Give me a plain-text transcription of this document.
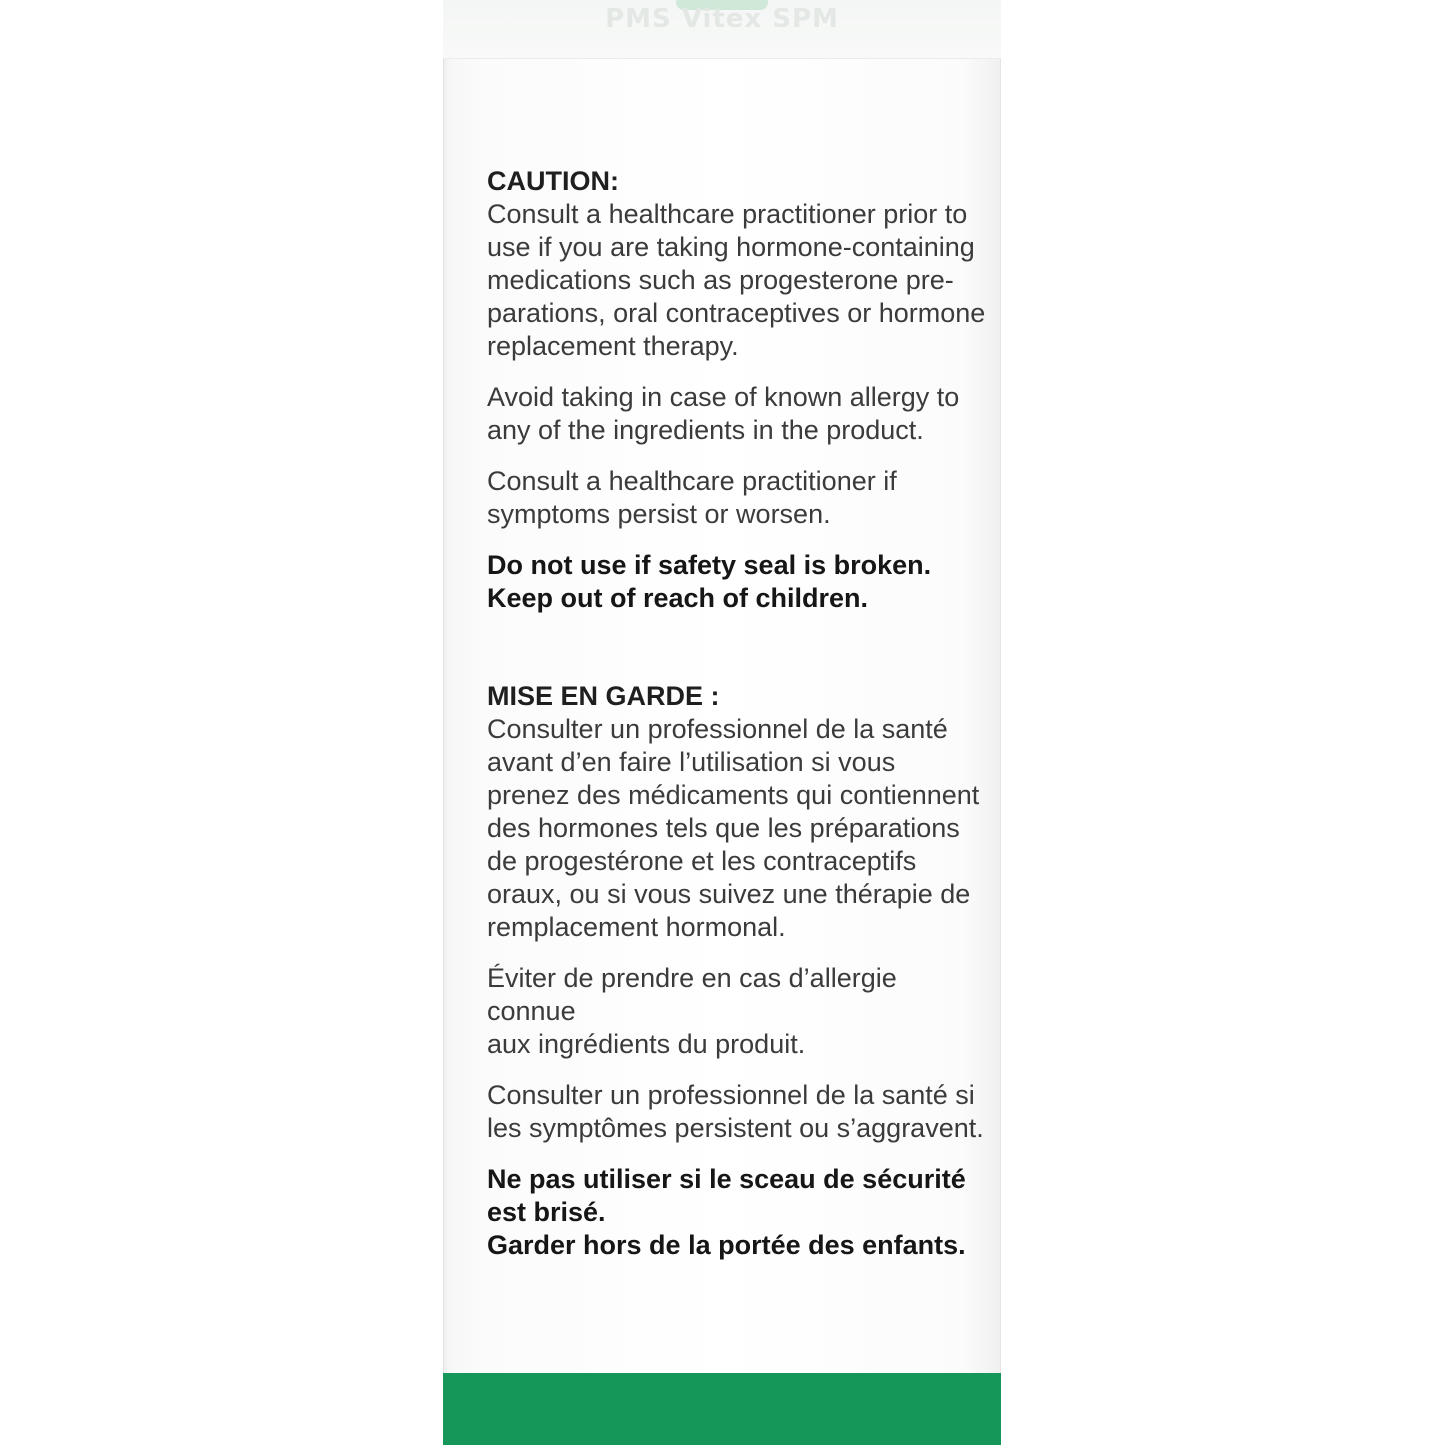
PMS Vitex SPM
CAUTION:

Consult a healthcare practitioner prior to
use if you are taking hormone-containing
medications such as progesterone pre-
parations, oral contraceptives or hormone
replacement therapy.

Avoid taking in case of known allergy to
any of the ingredients in the product.

Consult a healthcare practitioner if
symptoms persist or worsen.

Do not use if safety seal is broken.
Keep out of reach of children.

MISE EN GARDE :

Consulter un professionnel de la santé
avant d’en faire l’utilisation si vous
prenez des médicaments qui contiennent
des hormones tels que les préparations
de progestérone et les contraceptifs
oraux, ou si vous suivez une thérapie de
remplacement hormonal.

Éviter de prendre en cas d’allergie connue
aux ingrédients du produit.

Consulter un professionnel de la santé si
les symptômes persistent ou s’aggravent.

Ne pas utiliser si le sceau de sécurité
est brisé.
Garder hors de la portée des enfants.
